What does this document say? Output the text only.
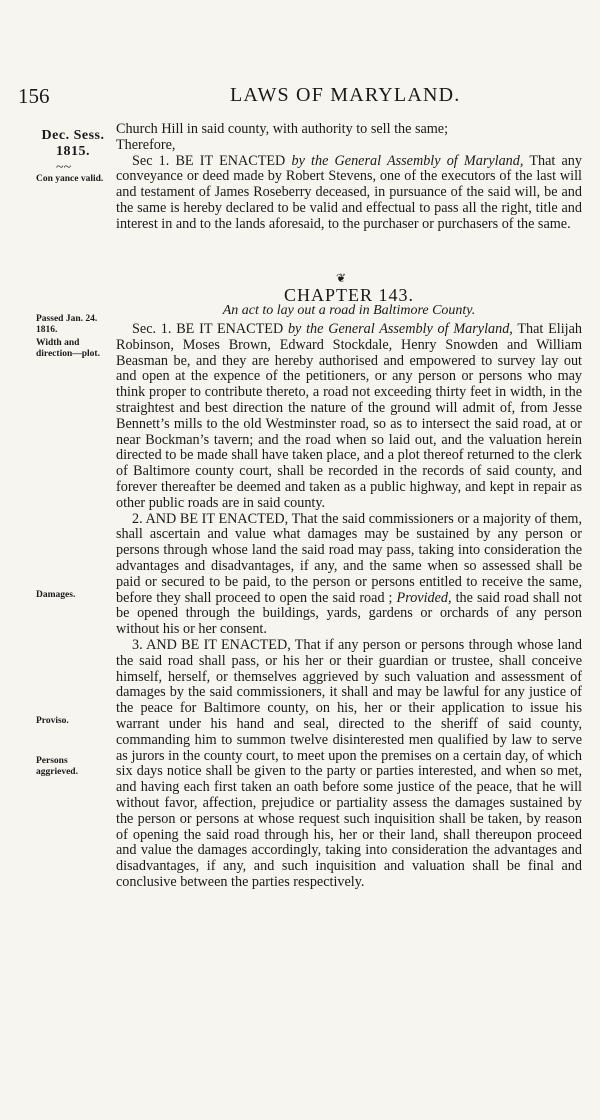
156	LAWS OF MARYLAND.
Dec. Sess.
1815.
~~
Con yance valid.
Passed Jan. 24. 1816.
Width and direction—plot.
Damages.
Proviso.
Persons aggrieved.

Church Hill in said county, with authority to sell the same;

Therefore,

Sec 1. BE IT ENACTED by the General Assembly of Maryland, That any conveyance or deed made by Robert Stevens, one of the executors of the last will and testament of James Roseberry deceased, in pursuance of the said will, be and the same is hereby declared to be valid and effectual to pass all the right, title and interest in and to the lands aforesaid, to the purchaser or purchasers of the same.

❦
CHAPTER 143.
An act to lay out a road in Baltimore County.

Sec. 1. BE IT ENACTED by the General Assembly of Maryland, That Elijah Robinson, Moses Brown, Edward Stockdale, Henry Snowden and William Beasman be, and they are hereby authorised and empowered to survey lay out and open at the expence of the petitioners, or any person or persons who may think proper to contribute thereto, a road not exceeding thirty feet in width, in the straightest and best direction the nature of the ground will admit of, from Jesse Bennett’s mills to the old Westminster road, so as to intersect the said road, at or near Bockman’s tavern; and the road when so laid out, and the valuation herein directed to be made shall have taken place, and a plot thereof returned to the clerk of Baltimore county court, shall be recorded in the records of said county, and forever thereafter be deemed and taken as a public highway, and kept in repair as other public roads are in said county.

2. AND BE IT ENACTED, That the said commissioners or a majority of them, shall ascertain and value what damages may be sustained by any person or persons through whose land the said road may pass, taking into consideration the advantages and disadvantages, if any, and the same when so assessed shall be paid or secured to be paid, to the person or persons entitled to receive the same, before they shall proceed to open the said road ; Provided, the said road shall not be opened through the buildings, yards, gardens or orchards of any person without his or her consent.

3. AND BE IT ENACTED, That if any person or persons through whose land the said road shall pass, or his her or their guardian or trustee, shall conceive himself, herself, or themselves aggrieved by such valuation and assessment of damages by the said commissioners, it shall and may be lawful for any justice of the peace for Baltimore county, on his, her or their application to issue his warrant under his hand and seal, directed to the sheriff of said county, commanding him to summon twelve disinterested men qualified by law to serve as jurors in the county court, to meet upon the premises on a certain day, of which six days notice shall be given to the party or parties interested, and when so met, and having each first taken an oath before some justice of the peace, that he will without favor, affection, prejudice or partiality assess the damages sustained by the person or persons at whose request such inquisition shall be taken, by reason of opening the said road through his, her or their land, shall thereupon proceed and value the damages accordingly, taking into consideration the advantages and disadvantages, if any, and such inquisition and valuation shall be final and conclusive between the parties respectively.
